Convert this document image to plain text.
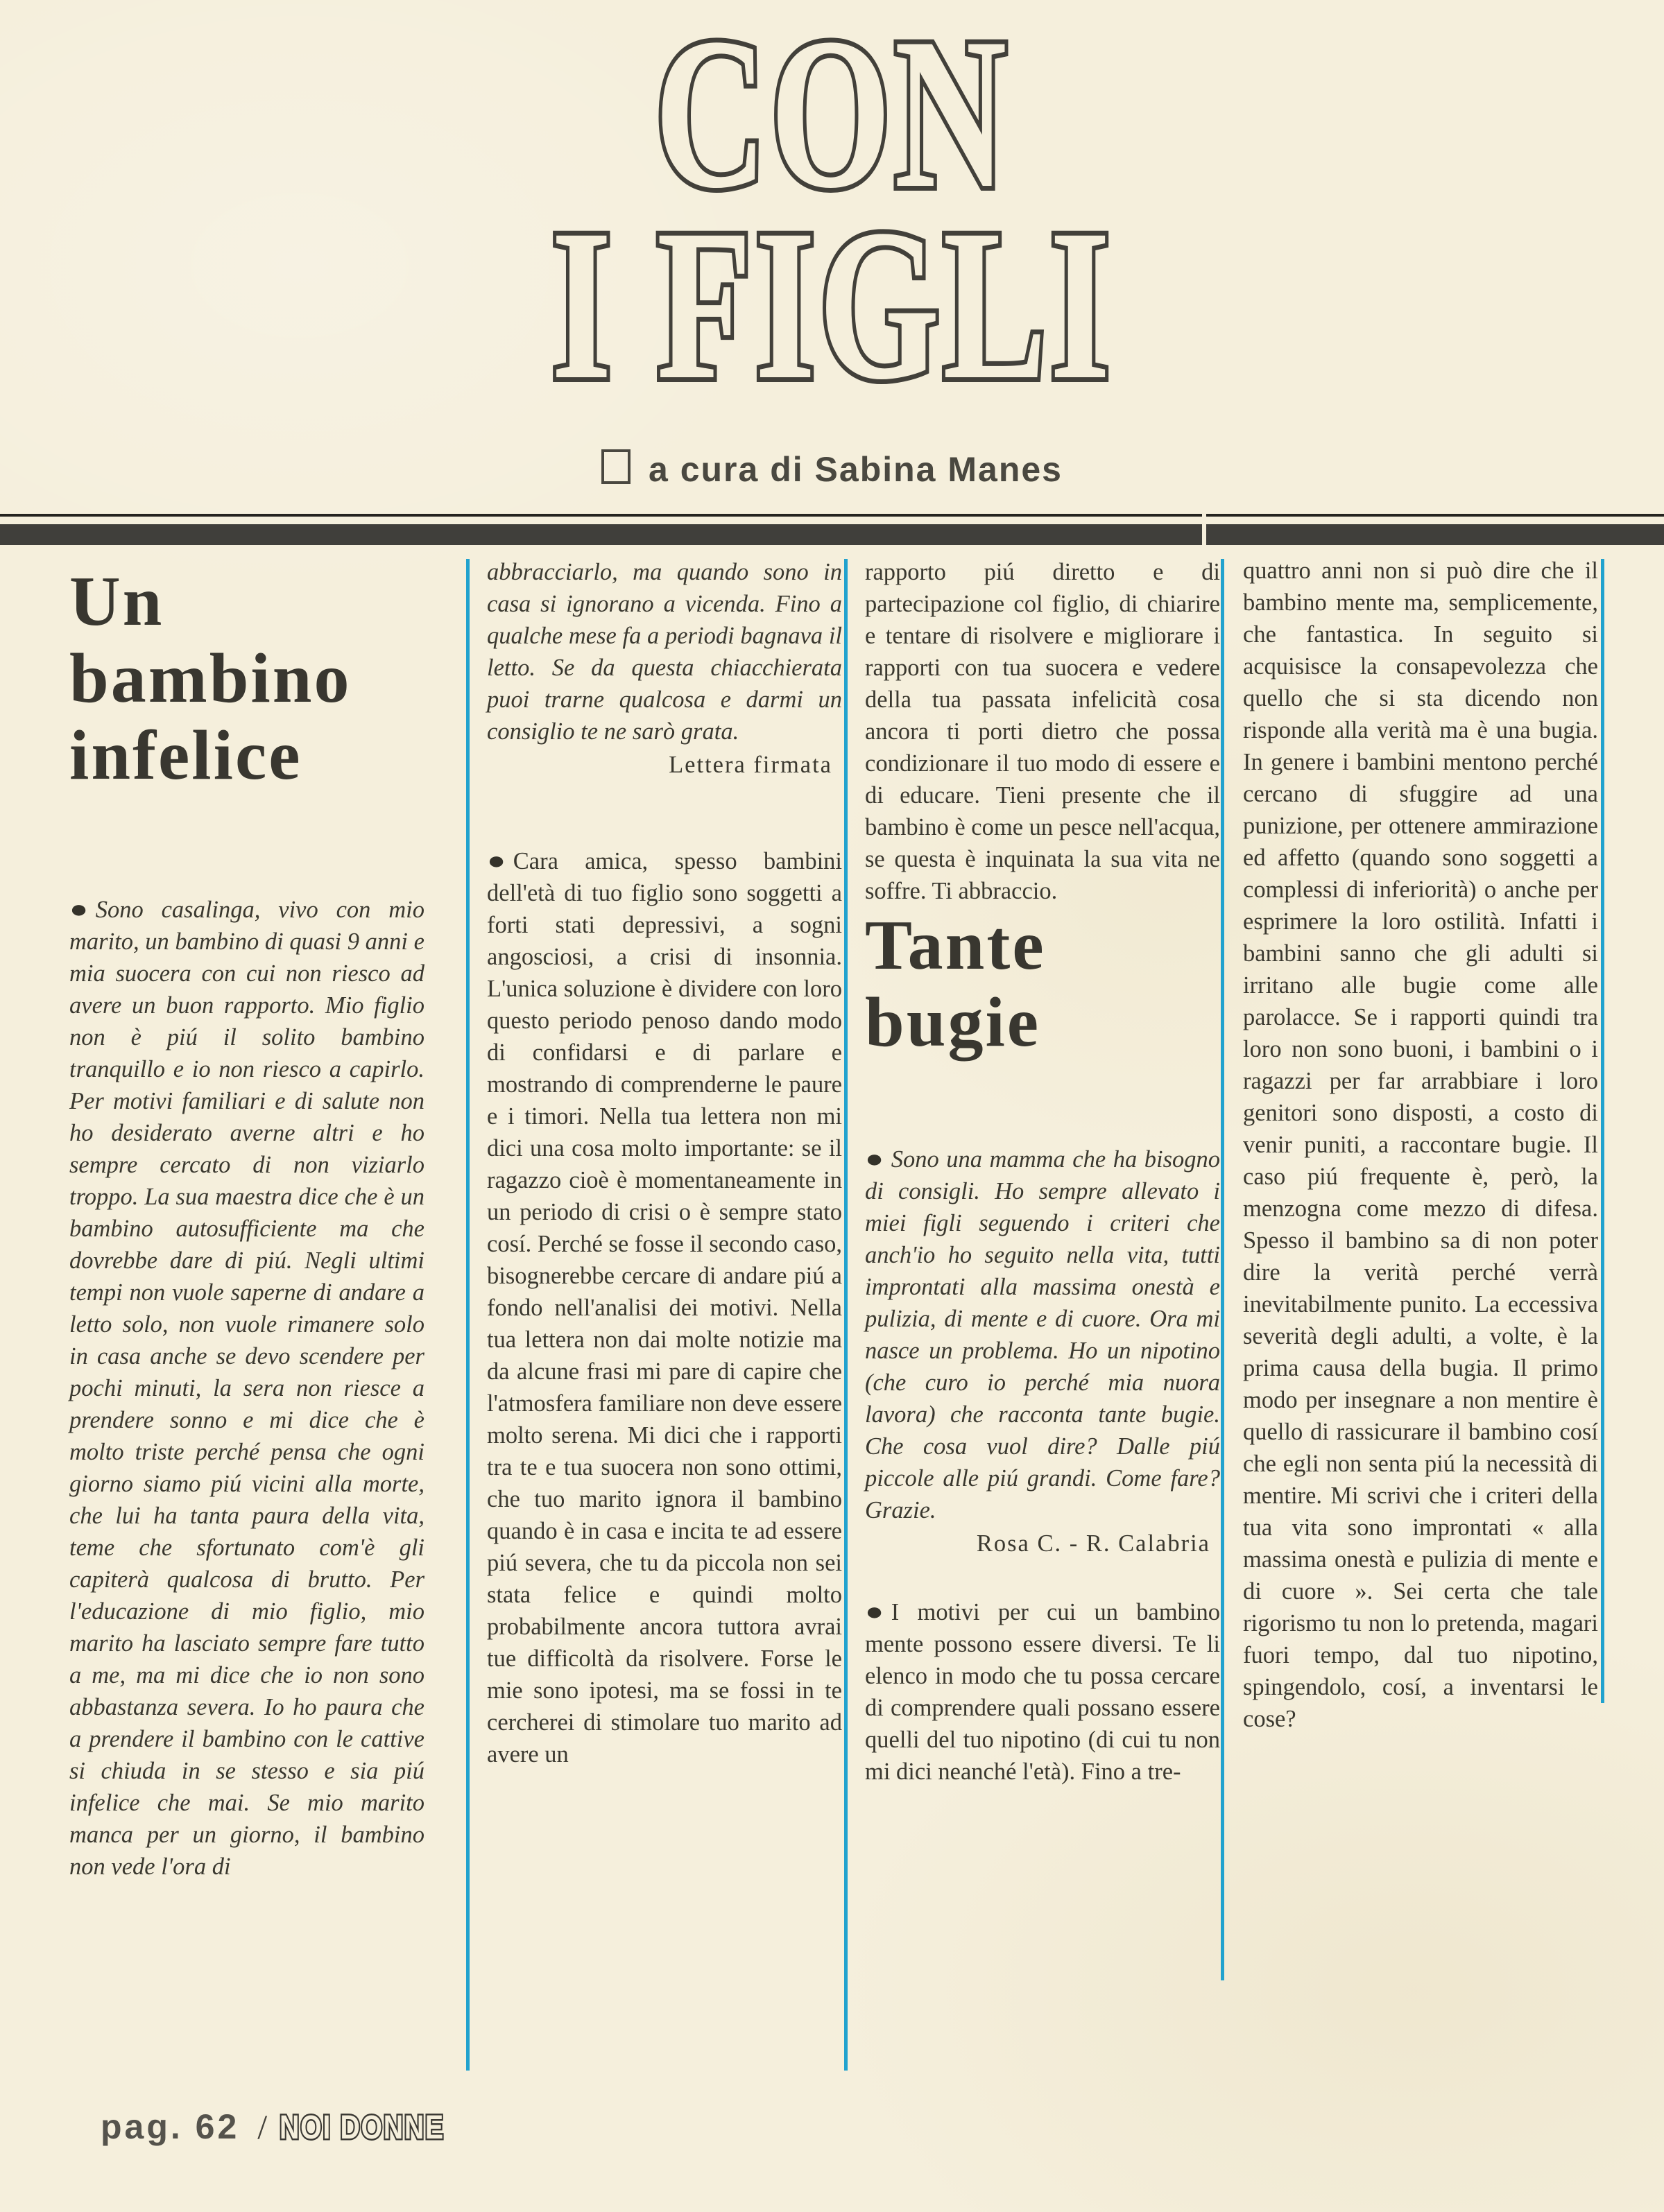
CON
I FIGLI
a cura di Sabina Manes
Un bambino infelice

● Sono casalinga, vivo con mio marito, un bambino di quasi 9 anni e mia suocera con cui non riesco ad avere un buon rapporto. Mio figlio non è piú il solito bambino tranquillo e io non riesco a capirlo. Per motivi familiari e di salute non ho desiderato averne altri e ho sempre cercato di non viziarlo troppo. La sua maestra dice che è un bambino autosufficiente ma che dovrebbe dare di piú. Negli ultimi tempi non vuole saperne di andare a letto solo, non vuole rimanere solo in casa anche se devo scendere per pochi minuti, la sera non riesce a prendere sonno e mi dice che è molto triste perché pensa che ogni giorno siamo piú vicini alla morte, che lui ha tanta paura della vita, teme che sfortunato com'è gli capiterà qualcosa di brutto. Per l'educazione di mio figlio, mio marito ha lasciato sempre fare tutto a me, ma mi dice che io non sono abbastanza severa. Io ho paura che a prendere il bambino con le cattive si chiuda in se stesso e sia piú infelice che mai. Se mio marito manca per un giorno, il bambino non vede l'ora di

abbracciarlo, ma quando sono in casa si ignorano a vicenda. Fino a qualche mese fa a periodi bagnava il letto. Se da questa chiacchierata puoi trarne qualcosa e darmi un consiglio te ne sarò grata.

Lettera firmata

● Cara amica, spesso bambini dell'età di tuo figlio sono soggetti a forti stati depressivi, a sogni angosciosi, a crisi di insonnia. L'unica soluzione è dividere con loro questo periodo penoso dando modo di confidarsi e di parlare e mostrando di comprenderne le paure e i timori. Nella tua lettera non mi dici una cosa molto importante: se il ragazzo cioè è momentaneamente in un periodo di crisi o è sempre stato cosí. Perché se fosse il secondo caso, bisognerebbe cercare di andare piú a fondo nell'analisi dei motivi. Nella tua lettera non dai molte notizie ma da alcune frasi mi pare di capire che l'atmosfera familiare non deve essere molto serena. Mi dici che i rapporti tra te e tua suocera non sono ottimi, che tuo marito ignora il bambino quando è in casa e incita te ad essere piú severa, che tu da piccola non sei stata felice e quindi molto probabilmente ancora tuttora avrai tue difficoltà da risolvere. Forse le mie sono ipotesi, ma se fossi in te cercherei di stimolare tuo marito ad avere un

rapporto piú diretto e di partecipazione col figlio, di chiarire e tentare di risolvere e migliorare i rapporti con tua suocera e vedere della tua passata infelicità cosa ancora ti porti dietro che possa condizionare il tuo modo di essere e di educare. Tieni presente che il bambino è come un pesce nell'acqua, se questa è inquinata la sua vita ne soffre. Ti abbraccio.

Tante bugie

● Sono una mamma che ha bisogno di consigli. Ho sempre allevato i miei figli seguendo i criteri che anch'io ho seguito nella vita, tutti improntati alla massima onestà e pulizia, di mente e di cuore. Ora mi nasce un problema. Ho un nipotino (che curo io perché mia nuora lavora) che racconta tante bugie. Che cosa vuol dire? Dalle piú piccole alle piú grandi. Come fare? Grazie.

Rosa C. - R. Calabria

● I motivi per cui un bambino mente possono essere diversi. Te li elenco in modo che tu possa cercare di comprendere quali possano essere quelli del tuo nipotino (di cui tu non mi dici neanché l'età). Fino a tre-

quattro anni non si può dire che il bambino mente ma, semplicemente, che fantastica. In seguito si acquisisce la consapevolezza che quello che si sta dicendo non risponde alla verità ma è una bugia. In genere i bambini mentono perché cercano di sfuggire ad una punizione, per ottenere ammirazione ed affetto (quando sono soggetti a complessi di inferiorità) o anche per esprimere la loro ostilità. Infatti i bambini sanno che gli adulti si irritano alle bugie come alle parolacce. Se i rapporti quindi tra loro non sono buoni, i bambini o i ragazzi per far arrabbiare i loro genitori sono disposti, a costo di venir puniti, a raccontare bugie. Il caso piú frequente è, però, la menzogna come mezzo di difesa. Spesso il bambino sa di non poter dire la verità perché verrà inevitabilmente punito. La eccessiva severità degli adulti, a volte, è la prima causa della bugia. Il primo modo per insegnare a non mentire è quello di rassicurare il bambino cosí che egli non senta piú la necessità di mentire. Mi scrivi che i criteri della tua vita sono improntati « alla massima onestà e pulizia di mente e di cuore ». Sei certa che tale rigorismo tu non lo pretenda, magari fuori tempo, dal tuo nipotino, spingendolo, cosí, a inventarsi le cose?

pag. 62 / NOI DONNE
